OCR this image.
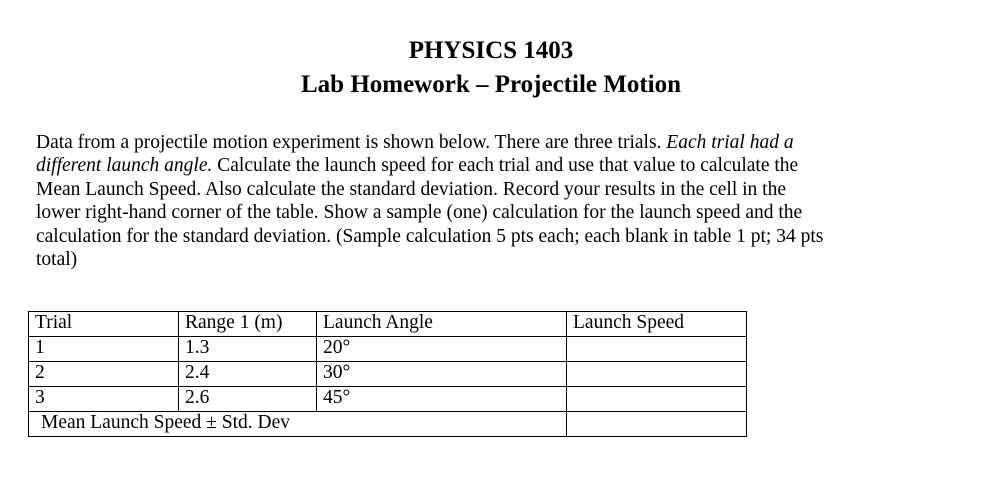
PHYSICS 1403
Lab Homework – Projectile Motion
Data from a projectile motion experiment is shown below. There are three trials. Each trial had a
different launch angle. Calculate the launch speed for each trial and use that value to calculate the
Mean Launch Speed. Also calculate the standard deviation. Record your results in the cell in the
lower right-hand corner of the table. Show a sample (one) calculation for the launch speed and the
calculation for the standard deviation. (Sample calculation 5 pts each; each blank in table 1 pt; 34 pts
total)
Trial	Range 1 (m)	Launch Angle	Launch Speed
1	1.3	20°	
2	2.4	30°	
3	2.6	45°	
Mean Launch Speed ± Std. Dev			
